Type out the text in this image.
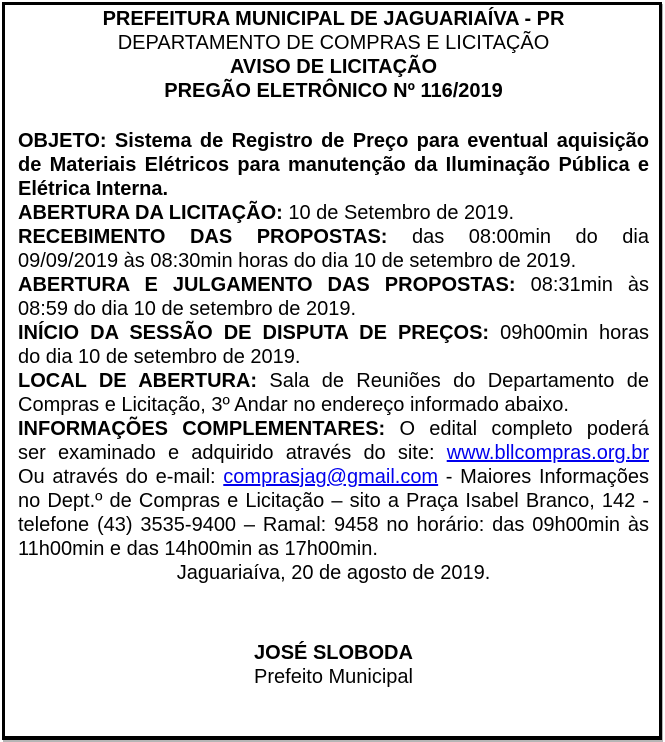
PREFEITURA MUNICIPAL DE JAGUARIAÍVA - PR
DEPARTAMENTO DE COMPRAS E LICITAÇÃO
AVISO DE LICITAÇÃO
PREGÃO ELETRÔNICO Nº 116/2019
OBJETO: Sistema de Registro de Preço para eventual aquisição
de Materiais Elétricos para manutenção da Iluminação Pública e
Elétrica Interna.
ABERTURA DA LICITAÇÃO: 10 de Setembro de 2019.
RECEBIMENTO DAS PROPOSTAS: das 08:00min do dia
09/09/2019 às 08:30min horas do dia 10 de setembro de 2019.
ABERTURA E JULGAMENTO DAS PROPOSTAS: 08:31min às
08:59 do dia 10 de setembro de 2019.
INÍCIO DA SESSÃO DE DISPUTA DE PREÇOS: 09h00min horas
do dia 10 de setembro de 2019.
LOCAL DE ABERTURA: Sala de Reuniões do Departamento de
Compras e Licitação, 3º Andar no endereço informado abaixo.
INFORMAÇÕES COMPLEMENTARES: O edital completo poderá
ser examinado e adquirido através do site: www.bllcompras.org.br
Ou através do e-mail: comprasjag@gmail.com - Maiores Informações
no Dept.º de Compras e Licitação – sito a Praça Isabel Branco, 142 -
telefone (43) 3535-9400 – Ramal: 9458 no horário: das 09h00min às
11h00min e das 14h00min as 17h00min.
Jaguariaíva, 20 de agosto de 2019.
JOSÉ SLOBODA
Prefeito Municipal
